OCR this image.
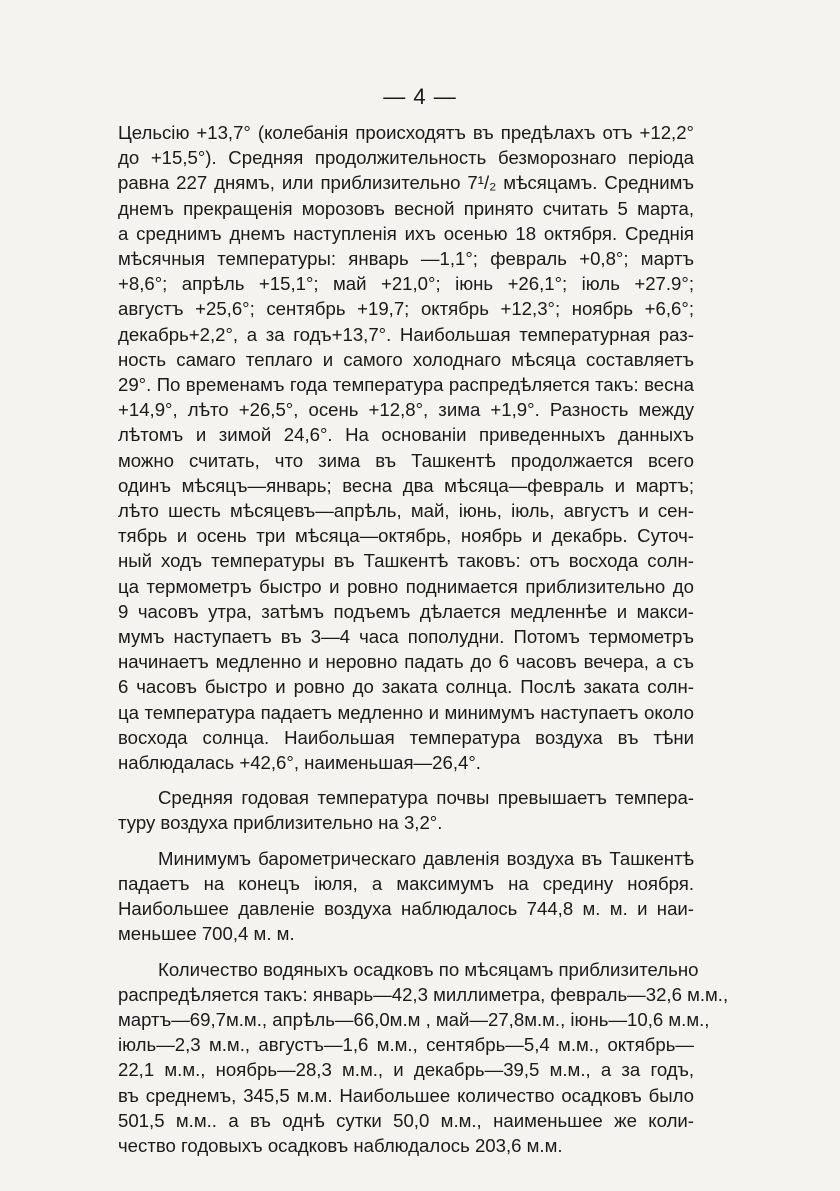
— 4 —
Цельсію +13,7° (колебанія происходятъ въ предѣлахъ отъ +12,2°
до +15,5°). Средняя продолжительность безморознаго періода
равна 227 днямъ, или приблизительно 7¹/₂ мѣсяцамъ. Среднимъ
днемъ прекращенія морозовъ весной принято считать 5 марта,
а среднимъ днемъ наступленія ихъ осенью 18 октября. Среднія
мѣсячныя температуры: январь —1,1°; февраль +0,8°; мартъ
+8,6°; апрѣль +15,1°; май +21,0°; іюнь +26,1°; іюль +27.9°;
августъ +25,6°; сентябрь +19,7; октябрь +12,3°; ноябрь +6,6°;
декабрь+2,2°, а за годъ+13,7°. Наибольшая температурная раз-
ность самаго теплаго и самого холоднаго мѣсяца составляетъ
29°. По временамъ года температура распредѣляется такъ: весна
+14,9°, лѣто +26,5°, осень +12,8°, зима +1,9°. Разность между
лѣтомъ и зимой 24,6°. На основаніи приведенныхъ данныхъ
можно считать, что зима въ Ташкентѣ продолжается всего
одинъ мѣсяцъ—январь; весна два мѣсяца—февраль и мартъ;
лѣто шесть мѣсяцевъ—апрѣль, май, іюнь, іюль, августъ и сен-
тябрь и осень три мѣсяца—октябрь, ноябрь и декабрь. Суточ-
ный ходъ температуры въ Ташкентѣ таковъ: отъ восхода солн-
ца термометръ быстро и ровно поднимается приблизительно до
9 часовъ утра, затѣмъ подъемъ дѣлается медленнѣе и макси-
мумъ наступаетъ въ 3—4 часа пополудни. Потомъ термометръ
начинаетъ медленно и неровно падать до 6 часовъ вечера, а съ
6 часовъ быстро и ровно до заката солнца. Послѣ заката солн-
ца температура падаетъ медленно и минимумъ наступаетъ около
восхода солнца. Наибольшая температура воздуха въ тѣни
наблюдалась +42,6°, наименьшая—26,4°.
Средняя годовая температура почвы превышаетъ темпера-
туру воздуха приблизительно на 3,2°.
Минимумъ барометрическаго давленія воздуха въ Ташкентѣ
падаетъ на конецъ іюля, а максимумъ на средину ноября.
Наибольшее давленіе воздуха наблюдалось 744,8 м. м. и наи-
меньшее 700,4 м. м.
Количество водяныхъ осадковъ по мѣсяцамъ приблизительно
распредѣляется такъ: январь—42,3 миллиметра, февраль—32,6 м.м.,
мартъ—69,7м.м., апрѣль—66,0м.м , май—27,8м.м., іюнь—10,6 м.м.,
іюль—2,3 м.м., августъ—1,6 м.м., сентябрь—5,4 м.м., октябрь—
22,1 м.м., ноябрь—28,3 м.м., и декабрь—39,5 м.м., а за годъ,
въ среднемъ, 345,5 м.м. Наибольшее количество осадковъ было
501,5 м.м.. а въ однѣ сутки 50,0 м.м., наименьшее же коли-
чество годовыхъ осадковъ наблюдалось 203,6 м.м.
